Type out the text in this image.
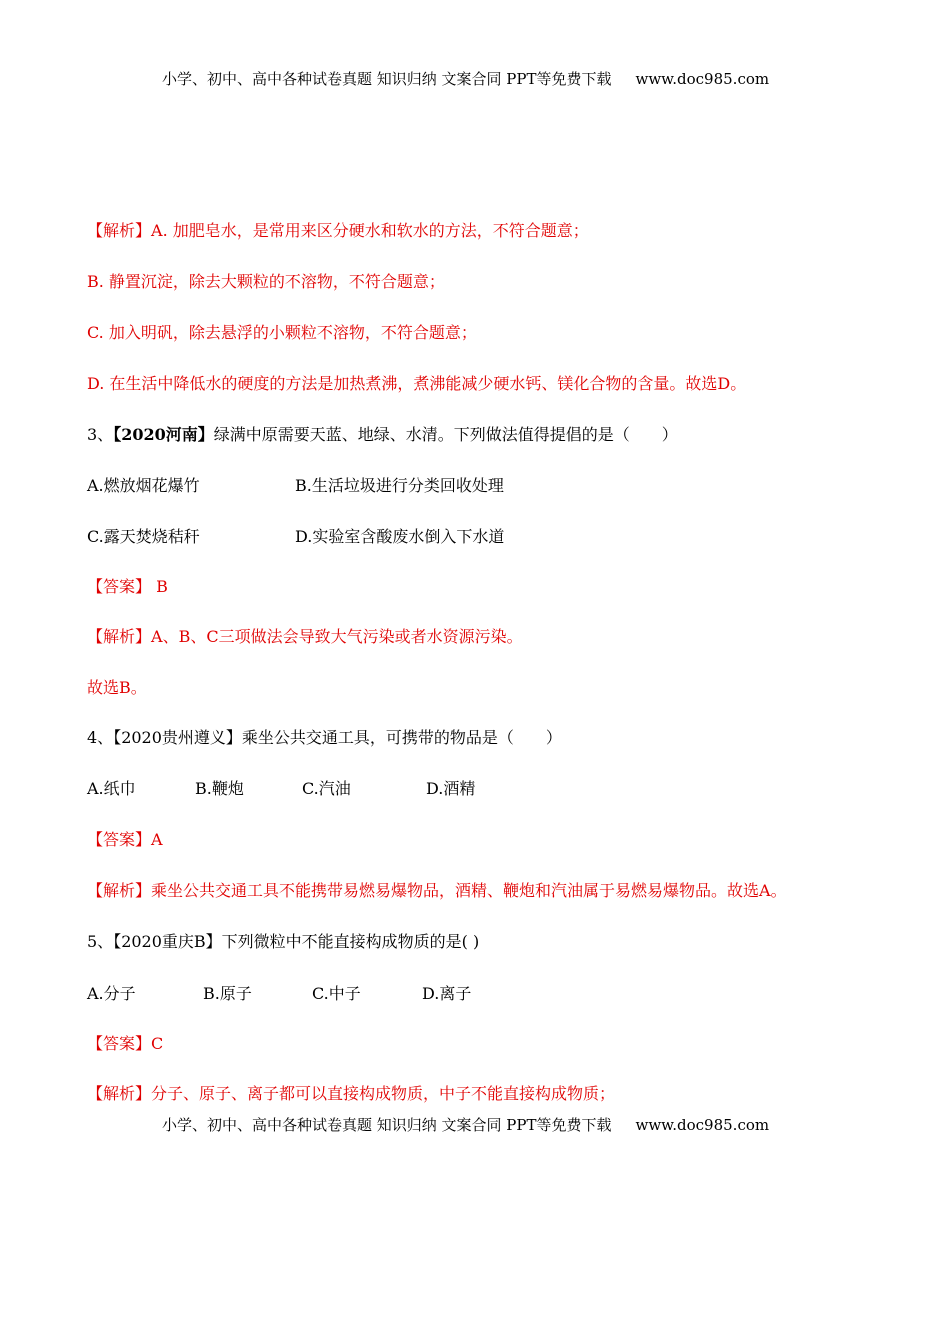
小学、初中、高中各种试卷真题 知识归纳 文案合同 PPT等免费下载 www.doc985.com
【解析】A. 加肥皂水，是常用来区分硬水和软水的方法，不符合题意；
B. 静置沉淀，除去大颗粒的不溶物，不符合题意；
C. 加入明矾，除去悬浮的小颗粒不溶物，不符合题意；
D. 在生活中降低水的硬度的方法是加热煮沸，煮沸能减少硬水钙、镁化合物的含量。故选D。
3、【2020河南】绿满中原需要天蓝、地绿、水清。下列做法值得提倡的是（　　）
A.燃放烟花爆竹	B.生活垃圾进行分类回收处理
C.露天焚烧秸秆	D.实验室含酸废水倒入下水道
【答案】 B
【解析】A、B、C三项做法会导致大气污染或者水资源污染。
故选B。
4、【2020贵州遵义】乘坐公共交通工具，可携带的物品是（　　）
A.纸巾	B.鞭炮	C.汽油	D.酒精
【答案】A
【解析】乘坐公共交通工具不能携带易燃易爆物品，酒精、鞭炮和汽油属于易燃易爆物品。故选A。
5、【2020重庆B】下列微粒中不能直接构成物质的是( )
A.分子	B.原子	C.中子	D.离子
【答案】C
【解析】分子、原子、离子都可以直接构成物质，中子不能直接构成物质；
小学、初中、高中各种试卷真题 知识归纳 文案合同 PPT等免费下载 www.doc985.com
